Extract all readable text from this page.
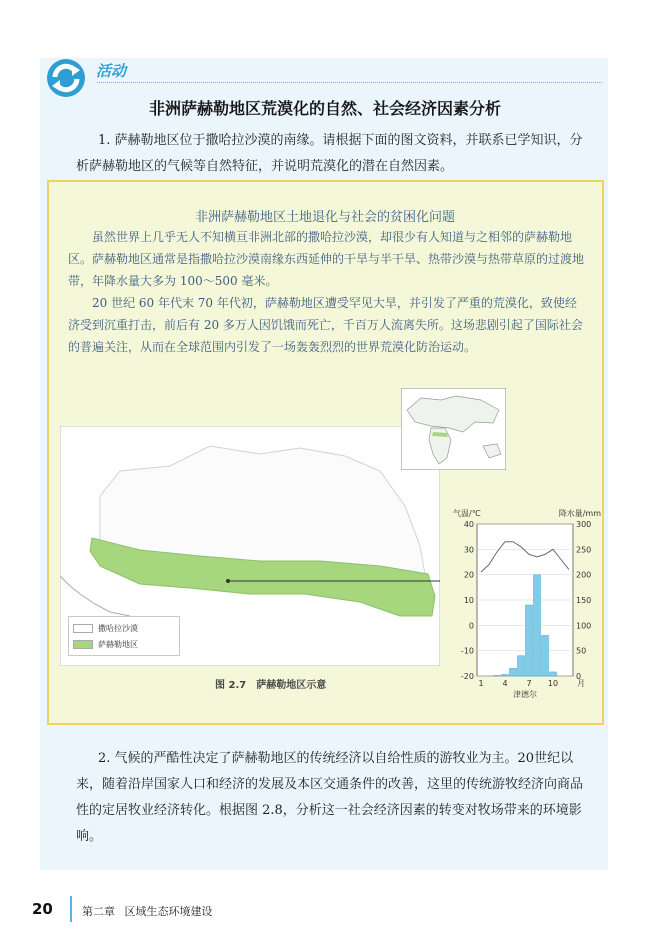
活动
非洲萨赫勒地区荒漠化的自然、社会经济因素分析
1. 萨赫勒地区位于撒哈拉沙漠的南缘。请根据下面的图文资料，并联系已学知识，分析萨赫勒地区的气候等自然特征，并说明荒漠化的潜在自然因素。
非洲萨赫勒地区土地退化与社会的贫困化问题

虽然世界上几乎无人不知横亘非洲北部的撒哈拉沙漠，却很少有人知道与之相邻的萨赫勒地区。萨赫勒地区通常是指撒哈拉沙漠南缘东西延伸的干旱与半干旱、热带沙漠与热带草原的过渡地带，年降水量大多为 100～500 毫米。

20 世纪 60 年代末 70 年代初，萨赫勒地区遭受罕见大旱，并引发了严重的荒漠化，致使经济受到沉重打击，前后有 20 多万人因饥饿而死亡，千百万人流离失所。这场悲剧引起了国际社会的普遍关注，从而在全球范围内引发了一场轰轰烈烈的世界荒漠化防治运动。

撒哈拉沙漠
萨赫勒地区
图 2.7 萨赫勒地区示意
40
30
20
10
0
-10
-20
300
250
200
150
100
50
0
1 4 7 10 月
气温/℃	降水量/mm
津德尔
2. 气候的严酷性决定了萨赫勒地区的传统经济以自给性质的游牧业为主。20世纪以来，随着沿岸国家人口和经济的发展及本区交通条件的改善，这里的传统游牧经济向商品性的定居牧业经济转化。根据图 2.8，分析这一社会经济因素的转变对牧场带来的环境影响。
20	第二章 区域生态环境建设
